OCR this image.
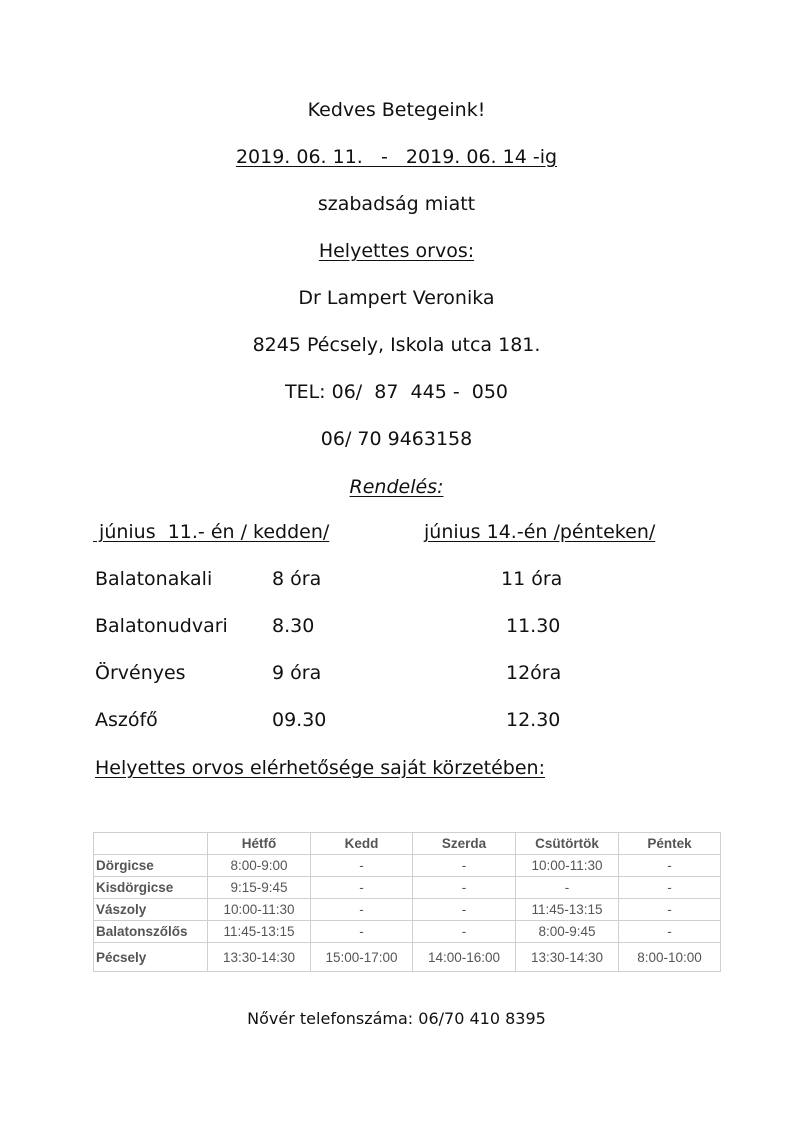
Kedves Betegeink!
2019. 06. 11.   -   2019. 06. 14 -ig
szabadság miatt
Helyettes orvos:
Dr Lampert Veronika
8245 Pécsely, Iskola utca 181.
TEL: 06/  87  445 -  050
06/ 70 9463158
Rendelés:
június  11.- én / kedden/	június 14.-én /pénteken/
Balatonakali	8 óra	11 óra
Balatonudvari 8.30	11.30
Örvényes	9 óra	12óra
Aszófő	09.30	12.30
Helyettes orvos elérhetősége saját körzetében:
	Hétfő	Kedd	Szerda	Csütörtök	Péntek
Dörgicse	8:00-9:00	-	-	10:00-11:30	-
Kisdörgicse	9:15-9:45	-	-	-	-
Vászoly	10:00-11:30	-	-	11:45-13:15	-
Balatonszőlős	11:45-13:15	-	-	8:00-9:45	-
Pécsely	13:30-14:30	15:00-17:00	14:00-16:00	13:30-14:30	8:00-10:00
Nővér telefonszáma: 06/70 410 8395
